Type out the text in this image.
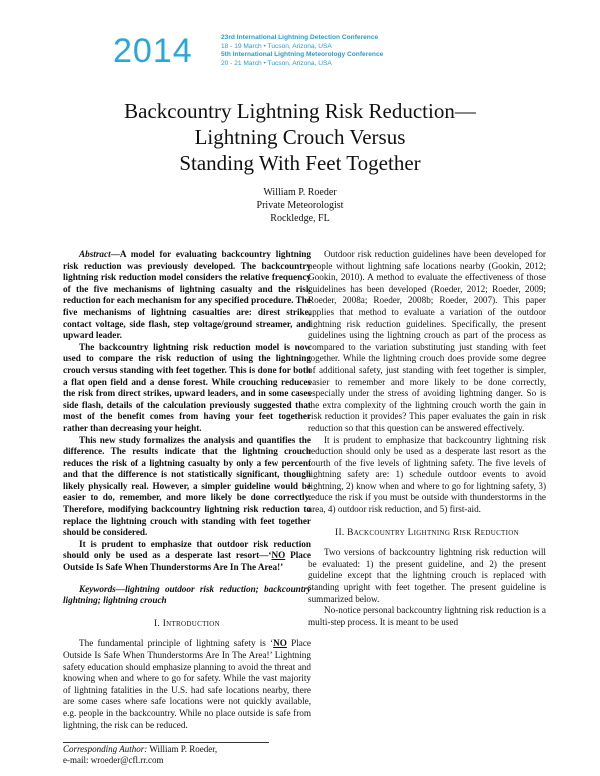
2014	23rd International Lightning Detection Conference
18 - 19 March • Tucson, Arizona, USA
5th International Lightning Meteorology Conference
20 - 21 March • Tucson, Arizona, USA
Backcountry Lightning Risk Reduction—
Lightning Crouch Versus
Standing With Feet Together
William P. Roeder
Private Meteorologist
Rockledge, FL

Abstract—A model for evaluating backcountry lightning risk reduction was previously developed. The backcountry lightning risk reduction model considers the relative frequency of the five mechanisms of lightning casualty and the risk reduction for each mechanism for any specified procedure. The five mechanisms of lightning casualties are: direst strike, contact voltage, side flash, step voltage/ground streamer, and upward leader.

The backcountry lightning risk reduction model is now used to compare the risk reduction of using the lightning crouch versus standing with feet together. This is done for both a flat open field and a dense forest. While crouching reduces the risk from direct strikes, upward leaders, and in some cases side flash, details of the calculation previously suggested that most of the benefit comes from having your feet together rather than decreasing your height.

This new study formalizes the analysis and quantifies the difference. The results indicate that the lightning crouch reduces the risk of a lightning casualty by only a few percent and that the difference is not statistically significant, though likely physically real. However, a simpler guideline would be easier to do, remember, and more likely be done correctly. Therefore, modifying backcountry lightning risk reduction to replace the lightning crouch with standing with feet together should be considered.

It is prudent to emphasize that outdoor risk reduction should only be used as a desperate last resort—‘NO Place Outside Is Safe When Thunderstorms Are In The Area!’

Keywords—lightning outdoor risk reduction; backcountry lightning; lightning crouch

I. Introduction

The fundamental principle of lightning safety is ‘NO Place Outside Is Safe When Thunderstorms Are In The Area!’ Lightning safety education should emphasize planning to avoid the threat and knowing when and where to go for safety. While the vast majority of lightning fatalities in the U.S. had safe locations nearby, there are some cases where safe locations were not quickly available, e.g. people in the backcountry. While no place outside is safe from lightning, the risk can be reduced.

Outdoor risk reduction guidelines have been developed for people without lightning safe locations nearby (Gookin, 2012; Gookin, 2010). A method to evaluate the effectiveness of those guidelines has been developed (Roeder, 2012; Roeder, 2009; Roeder, 2008a; Roeder, 2008b; Roeder, 2007). This paper applies that method to evaluate a variation of the outdoor lightning risk reduction guidelines. Specifically, the present guidelines using the lightning crouch as part of the process as compared to the variation substituting just standing with feet together. While the lightning crouch does provide some degree of additional safety, just standing with feet together is simpler, easier to remember and more likely to be done correctly, especially under the stress of avoiding lightning danger. So is the extra complexity of the lightning crouch worth the gain in risk reduction it provides? This paper evaluates the gain in risk reduction so that this question can be answered effectively.

It is prudent to emphasize that backcountry lightning risk reduction should only be used as a desperate last resort as the fourth of the five levels of lightning safety. The five levels of lightning safety are: 1) schedule outdoor events to avoid lightning, 2) know when and where to go for lightning safety, 3) reduce the risk if you must be outside with thunderstorms in the area, 4) outdoor risk reduction, and 5) first-aid.

II. Backcountry Lightning Risk Reduction

Two versions of backcountry lightning risk reduction will be evaluated: 1) the present guideline, and 2) the present guideline except that the lightning crouch is replaced with standing upright with feet together. The present guideline is summarized below.

No-notice personal backcountry lightning risk reduction is a multi-step process. It is meant to be used

Corresponding Author: William P. Roeder,
e-mail: wroeder@cfl.rr.com
